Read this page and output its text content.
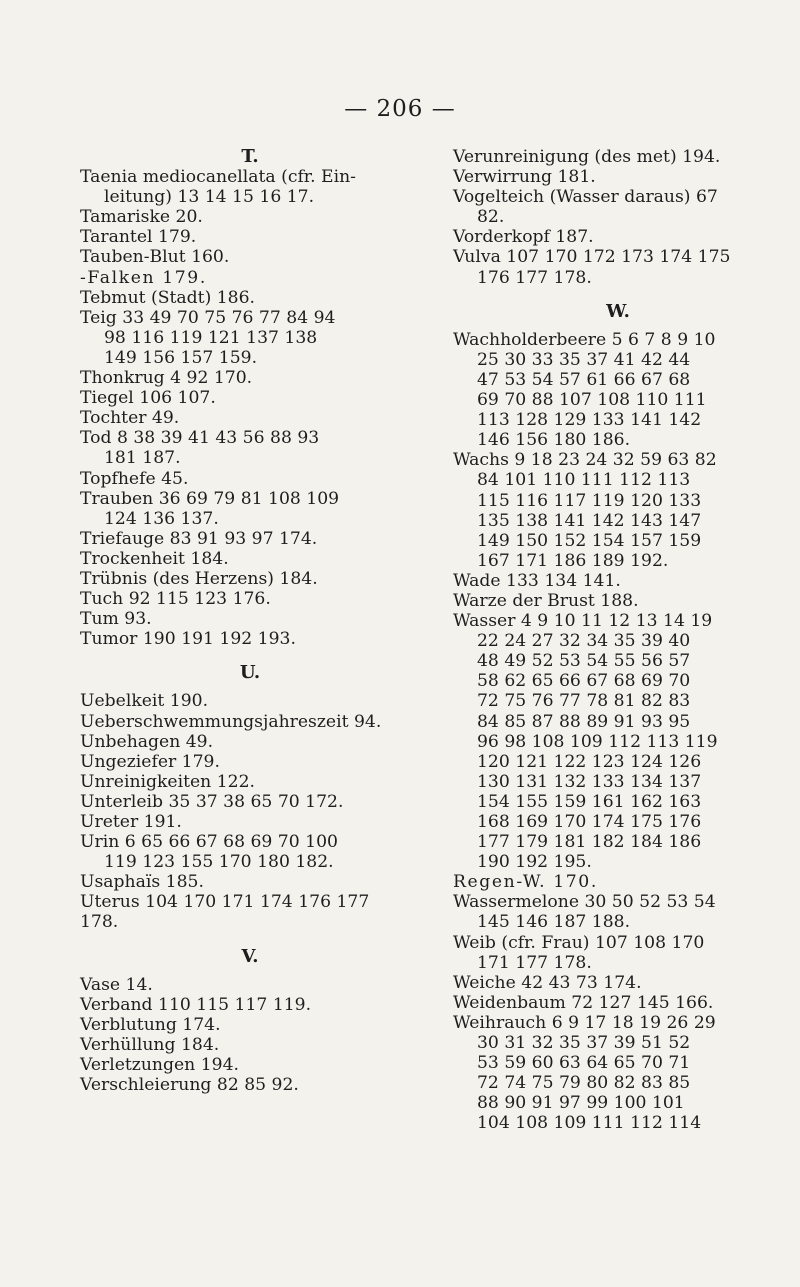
— 206 —
T.
Taenia mediocanellata (cfr. Ein-
leitung) 13 14 15 16 17.
Tamariske 20.
Tarantel 179.
Tauben-Blut 160.
-Falken 179.
Tebmut (Stadt) 186.
Teig 33 49 70 75 76 77 84 94
98 116 119 121 137 138
149 156 157 159.
Thonkrug 4 92 170.
Tiegel 106 107.
Tochter 49.
Tod 8 38 39 41 43 56 88 93
181 187.
Topfhefe 45.
Trauben 36 69 79 81 108 109
124 136 137.
Triefauge 83 91 93 97 174.
Trockenheit 184.
Trübnis (des Herzens) 184.
Tuch 92 115 123 176.
Tum 93.
Tumor 190 191 192 193.
U.
Uebelkeit 190.
Ueberschwemmungsjahreszeit 94.
Unbehagen 49.
Ungeziefer 179.
Unreinigkeiten 122.
Unterleib 35 37 38 65 70 172.
Ureter 191.
Urin 6 65 66 67 68 69 70 100
119 123 155 170 180 182.
Usaphaïs 185.
Uterus 104 170 171 174 176 177
178.
V.
Vase 14.
Verband 110 115 117 119.
Verblutung 174.
Verhüllung 184.
Verletzungen 194.
Verschleierung 82 85 92.
Verunreinigung (des met) 194.
Verwirrung 181.
Vogelteich (Wasser daraus) 67
82.
Vorderkopf 187.
Vulva 107 170 172 173 174 175
176 177 178.
W.
Wachholderbeere 5 6 7 8 9 10
25 30 33 35 37 41 42 44
47 53 54 57 61 66 67 68
69 70 88 107 108 110 111
113 128 129 133 141 142
146 156 180 186.
Wachs 9 18 23 24 32 59 63 82
84 101 110 111 112 113
115 116 117 119 120 133
135 138 141 142 143 147
149 150 152 154 157 159
167 171 186 189 192.
Wade 133 134 141.
Warze der Brust 188.
Wasser 4 9 10 11 12 13 14 19
22 24 27 32 34 35 39 40
48 49 52 53 54 55 56 57
58 62 65 66 67 68 69 70
72 75 76 77 78 81 82 83
84 85 87 88 89 91 93 95
96 98 108 109 112 113 119
120 121 122 123 124 126
130 131 132 133 134 137
154 155 159 161 162 163
168 169 170 174 175 176
177 179 181 182 184 186
190 192 195.
Regen-W. 170.
Wassermelone 30 50 52 53 54
145 146 187 188.
Weib (cfr. Frau) 107 108 170
171 177 178.
Weiche 42 43 73 174.
Weidenbaum 72 127 145 166.
Weihrauch 6 9 17 18 19 26 29
30 31 32 35 37 39 51 52
53 59 60 63 64 65 70 71
72 74 75 79 80 82 83 85
88 90 91 97 99 100 101
104 108 109 111 112 114
